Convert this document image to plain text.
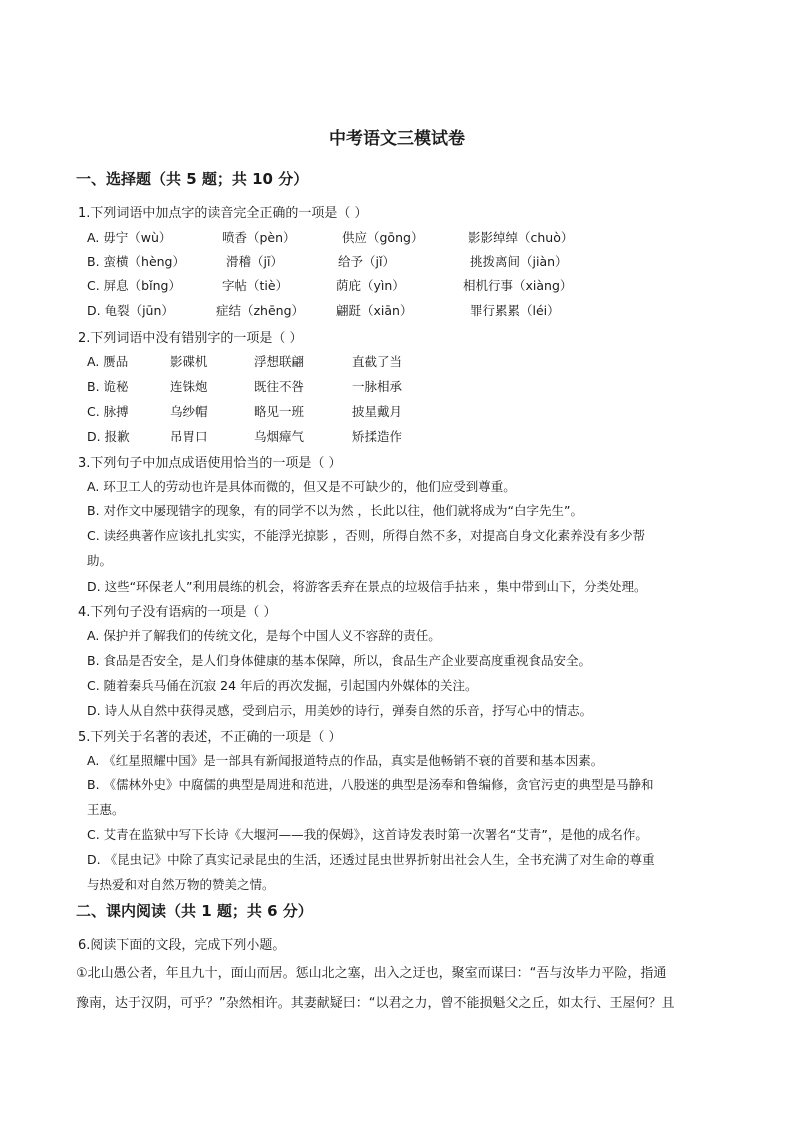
中考语文三模试卷
一、选择题（共 5 题；共 10 分）
1.下列词语中加点字的读音完全正确的一项是（ ）
A. 毋宁（wù）	喷香（pèn）	供应（gōng）	影影绰绰（chuò）
B. 蛮横（hèng）	滑稽（jī）	给予（jǐ）	挑拨离间（jiàn）
C. 屏息（bǐng）	字帖（tiè）	荫庇（yìn）	相机行事（xiàng）
D. 龟裂（jūn）	症结（zhēng）	翩跹（xiān）	罪行累累（léi）
2.下列词语中没有错别字的一项是（ ）
A. 赝品	影碟机	浮想联翩	直截了当
B. 诡秘	连铢炮	既往不咎	一脉相承
C. 脉搏	乌纱帽	略见一班	披星戴月
D. 报歉	吊胃口	乌烟瘴气	矫揉造作
3.下列句子中加点成语使用恰当的一项是（ ）
A. 环卫工人的劳动也许是具体而微的，但又是不可缺少的，他们应受到尊重。
B. 对作文中屡现错字的现象，有的同学不以为然 ，长此以往，他们就将成为“白字先生”。
C. 读经典著作应该扎扎实实，不能浮光掠影 ，否则，所得自然不多，对提高自身文化素养没有多少帮
助。
D. 这些“环保老人”利用晨练的机会，将游客丢弃在景点的垃圾信手拈来 ，集中带到山下，分类处理。
4.下列句子没有语病的一项是（ ）
A. 保护并了解我们的传统文化，是每个中国人义不容辞的责任。
B. 食品是否安全，是人们身体健康的基本保障，所以，食品生产企业要高度重视食品安全。
C. 随着秦兵马俑在沉寂 24 年后的再次发掘，引起国内外媒体的关注。
D. 诗人从自然中获得灵感，受到启示，用美妙的诗行，弹奏自然的乐音，抒写心中的情志。
5.下列关于名著的表述，不正确的一项是（ ）
A. 《红星照耀中国》是一部具有新闻报道特点的作品，真实是他畅销不衰的首要和基本因素。
B. 《儒林外史》中腐儒的典型是周进和范进，八股迷的典型是汤奉和鲁编修，贪官污吏的典型是马静和
王惠。
C. 艾青在监狱中写下长诗《大堰河——我的保姆》，这首诗发表时第一次署名“艾青”，是他的成名作。
D. 《昆虫记》中除了真实记录昆虫的生活，还透过昆虫世界折射出社会人生，全书充满了对生命的尊重
与热爱和对自然万物的赞美之情。
二、课内阅读（共 1 题；共 6 分）
6.阅读下面的文段，完成下列小题。
①北山愚公者，年且九十，面山而居。惩山北之塞，出入之迂也，聚室而谋曰：“吾与汝毕力平险，指通
豫南，达于汉阴，可乎？”杂然相许。其妻献疑曰：“以君之力，曾不能损魁父之丘，如太行、王屋何？且
